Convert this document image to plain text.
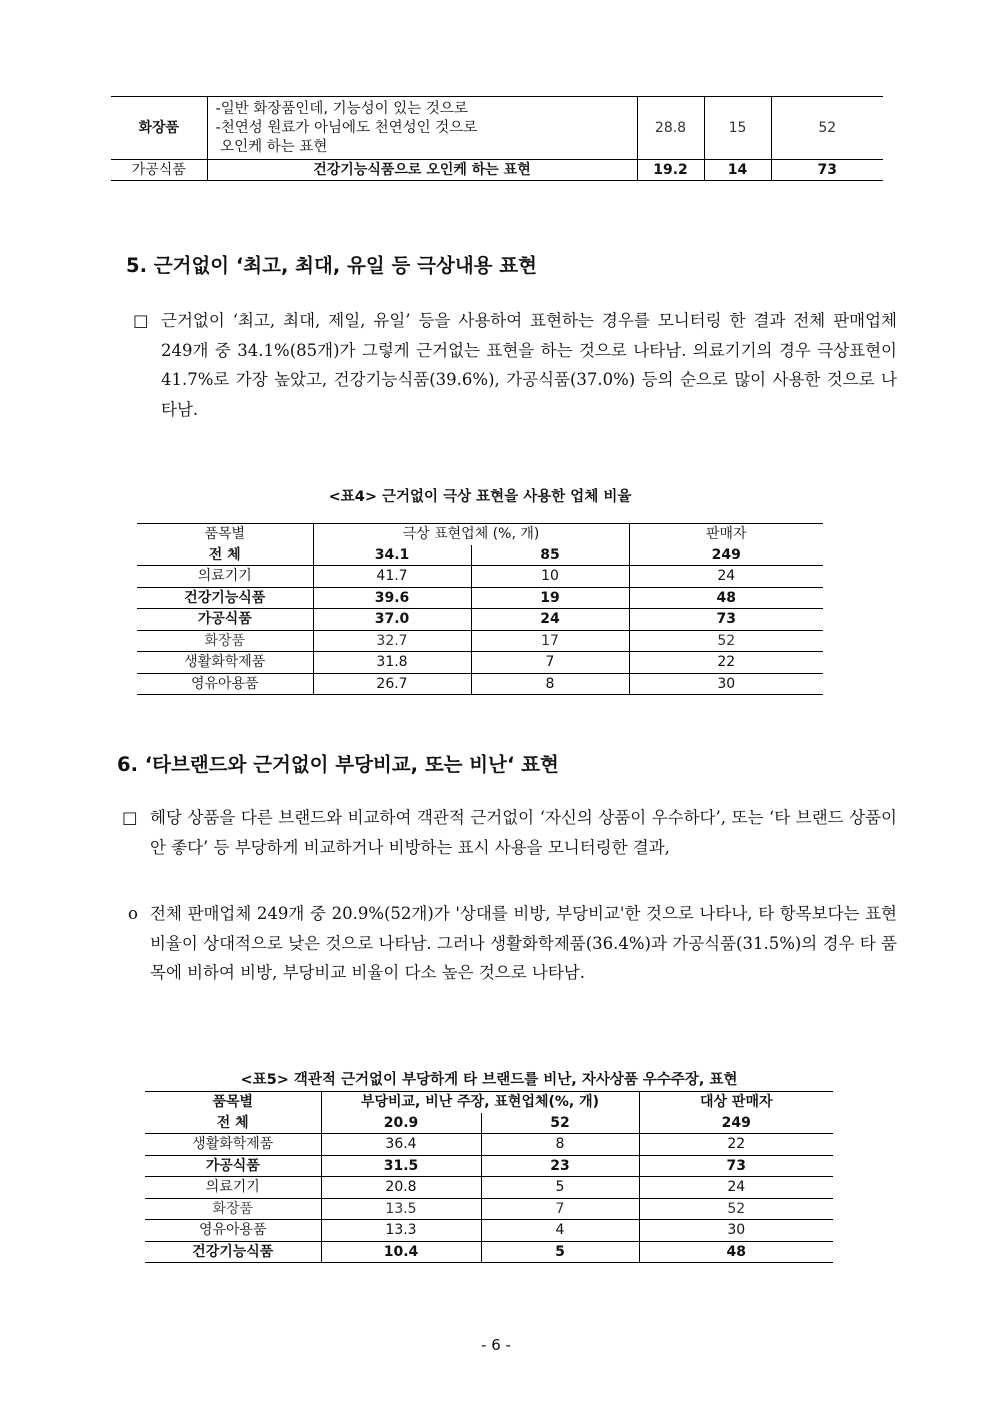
화장품	-일반 화장품인데, 기능성이 있는 것으로
-천연성 원료가 아님에도 천연성인 것으로
오인케 하는 표현	28.8	15	52
가공식품	건강기능식품으로 오인케 하는 표현	19.2	14	73
5. 근거없이 ‘최고, 최대, 유일 등 극상내용 표현
□ 근거없이 ‘최고, 최대, 제일, 유일’ 등을 사용하여 표현하는 경우를 모니터링 한 결과 전체 판매업체 249개 중 34.1%(85개)가 그렇게 근거없는 표현을 하는 것으로 나타남. 의료기기의 경우 극상표현이 41.7%로 가장 높았고, 건강기능식품(39.6%), 가공식품(37.0%) 등의 순으로 많이 사용한 것으로 나타남.
<표4> 근거없이 극상 표현을 사용한 업체 비율
품목별	극상 표현업체 (%, 개)		판매자
전 체	34.1	85	249
의료기기	41.7	10	24
건강기능식품	39.6	19	48
가공식품	37.0	24	73
화장품	32.7	17	52
생활화학제품	31.8	7	22
영유아용품	26.7	8	30
6. ‘타브랜드와 근거없이 부당비교, 또는 비난‘ 표현
□ 헤당 상품을 다른 브랜드와 비교하여 객관적 근거없이 ‘자신의 상품이 우수하다’, 또는 ‘타 브랜드 상품이 안 좋다’ 등 부당하게 비교하거나 비방하는 표시 사용을 모니터링한 결과,
o 전체 판매업체 249개 중 20.9%(52개)가 '상대를 비방, 부당비교'한 것으로 나타나, 타 항목보다는 표현비율이 상대적으로 낮은 것으로 나타남. 그러나 생활화학제품(36.4%)과 가공식품(31.5%)의 경우 타 품목에 비하여 비방, 부당비교 비율이 다소 높은 것으로 나타남.
<표5> 객관적 근거없이 부당하게 타 브랜드를 비난, 자사상품 우수주장, 표현
품목별	부당비교, 비난 주장, 표현업체(%, 개)		대상 판매자
전 체	20.9	52	249
생활화학제품	36.4	8	22
가공식품	31.5	23	73
의료기기	20.8	5	24
화장품	13.5	7	52
영유아용품	13.3	4	30
건강기능식품	10.4	5	48
- 6 -
